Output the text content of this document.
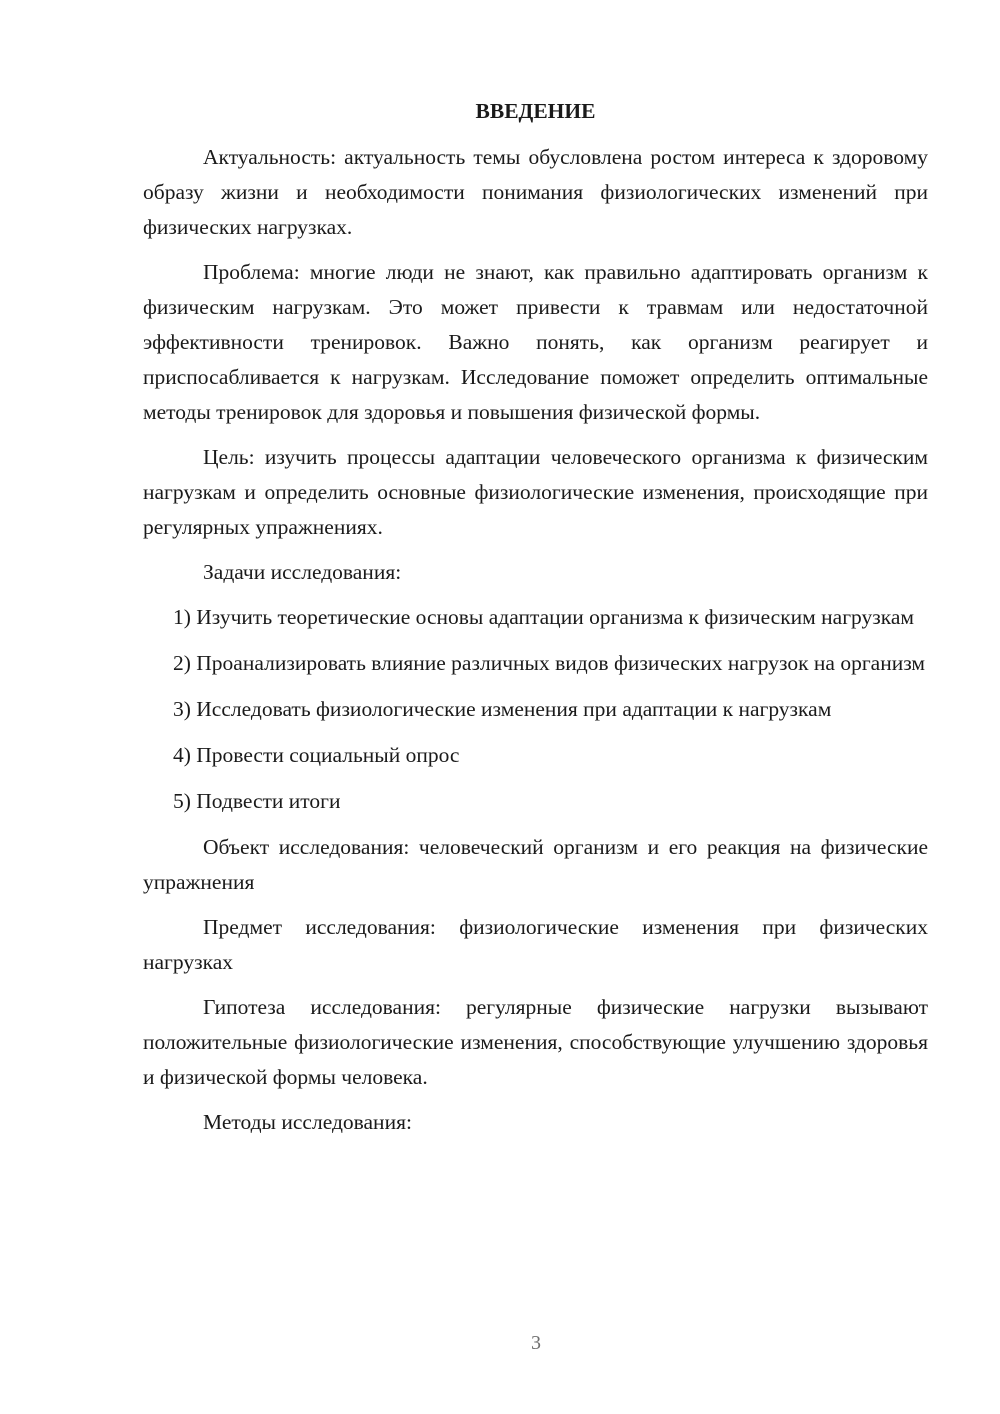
ВВЕДЕНИЕ

Актуальность: актуальность темы обусловлена ростом интереса к здоровому образу жизни и необходимости понимания физиологических изменений при физических нагрузках.

Проблема: многие люди не знают, как правильно адаптировать организм к физическим нагрузкам. Это может привести к травмам или недостаточной эффективности тренировок. Важно понять, как организм реагирует и приспосабливается к нагрузкам. Исследование поможет определить оптимальные методы тренировок для здоровья и повышения физической формы.

Цель: изучить процессы адаптации человеческого организма к физическим нагрузкам и определить основные физиологические изменения, происходящие при регулярных упражнениях.

Задачи исследования:

1) Изучить теоретические основы адаптации организма к физическим нагрузкам

2) Проанализировать влияние различных видов физических нагрузок на организм

3) Исследовать физиологические изменения при адаптации к нагрузкам

4) Провести социальный опрос

5) Подвести итоги

Объект исследования: человеческий организм и его реакция на физические упражнения

Предмет исследования: физиологические изменения при физических нагрузках

Гипотеза исследования: регулярные физические нагрузки вызывают положительные физиологические изменения, способствующие улучшению здоровья и физической формы человека.

Методы исследования:

3
